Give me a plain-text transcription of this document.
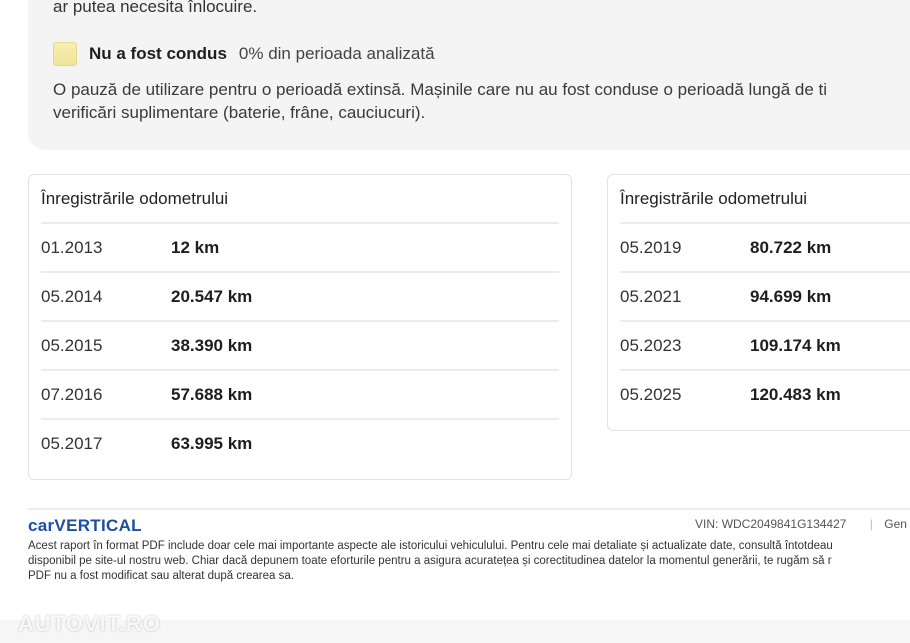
ar putea necesita înlocuire.
Nu a fost condus 0% din perioada analizată
O pauză de utilizare pentru o perioadă extinsă. Mașinile care nu au fost conduse o perioadă lungă de ti
verificări suplimentare (baterie, frâne, cauciucuri).
Înregistrările odometrului
01.2013	12 km
05.2014	20.547 km
05.2015	38.390 km
07.2016	57.688 km
05.2017	63.995 km
Înregistrările odometrului
05.2019	80.722 km
05.2021	94.699 km
05.2023	109.174 km
05.2025	120.483 km
carVERTICAL	VIN: WDC2049841G134427 | Gen
Acest raport în format PDF include doar cele mai importante aspecte ale istoricului vehiculului. Pentru cele mai detaliate și actualizate date, consultă întotdeau
disponibil pe site-ul nostru web. Chiar dacă depunem toate eforturile pentru a asigura acuratețea și corectitudinea datelor la momentul generării, te rugăm să r
PDF nu a fost modificat sau alterat după crearea sa.
AUTOVIT.RO
